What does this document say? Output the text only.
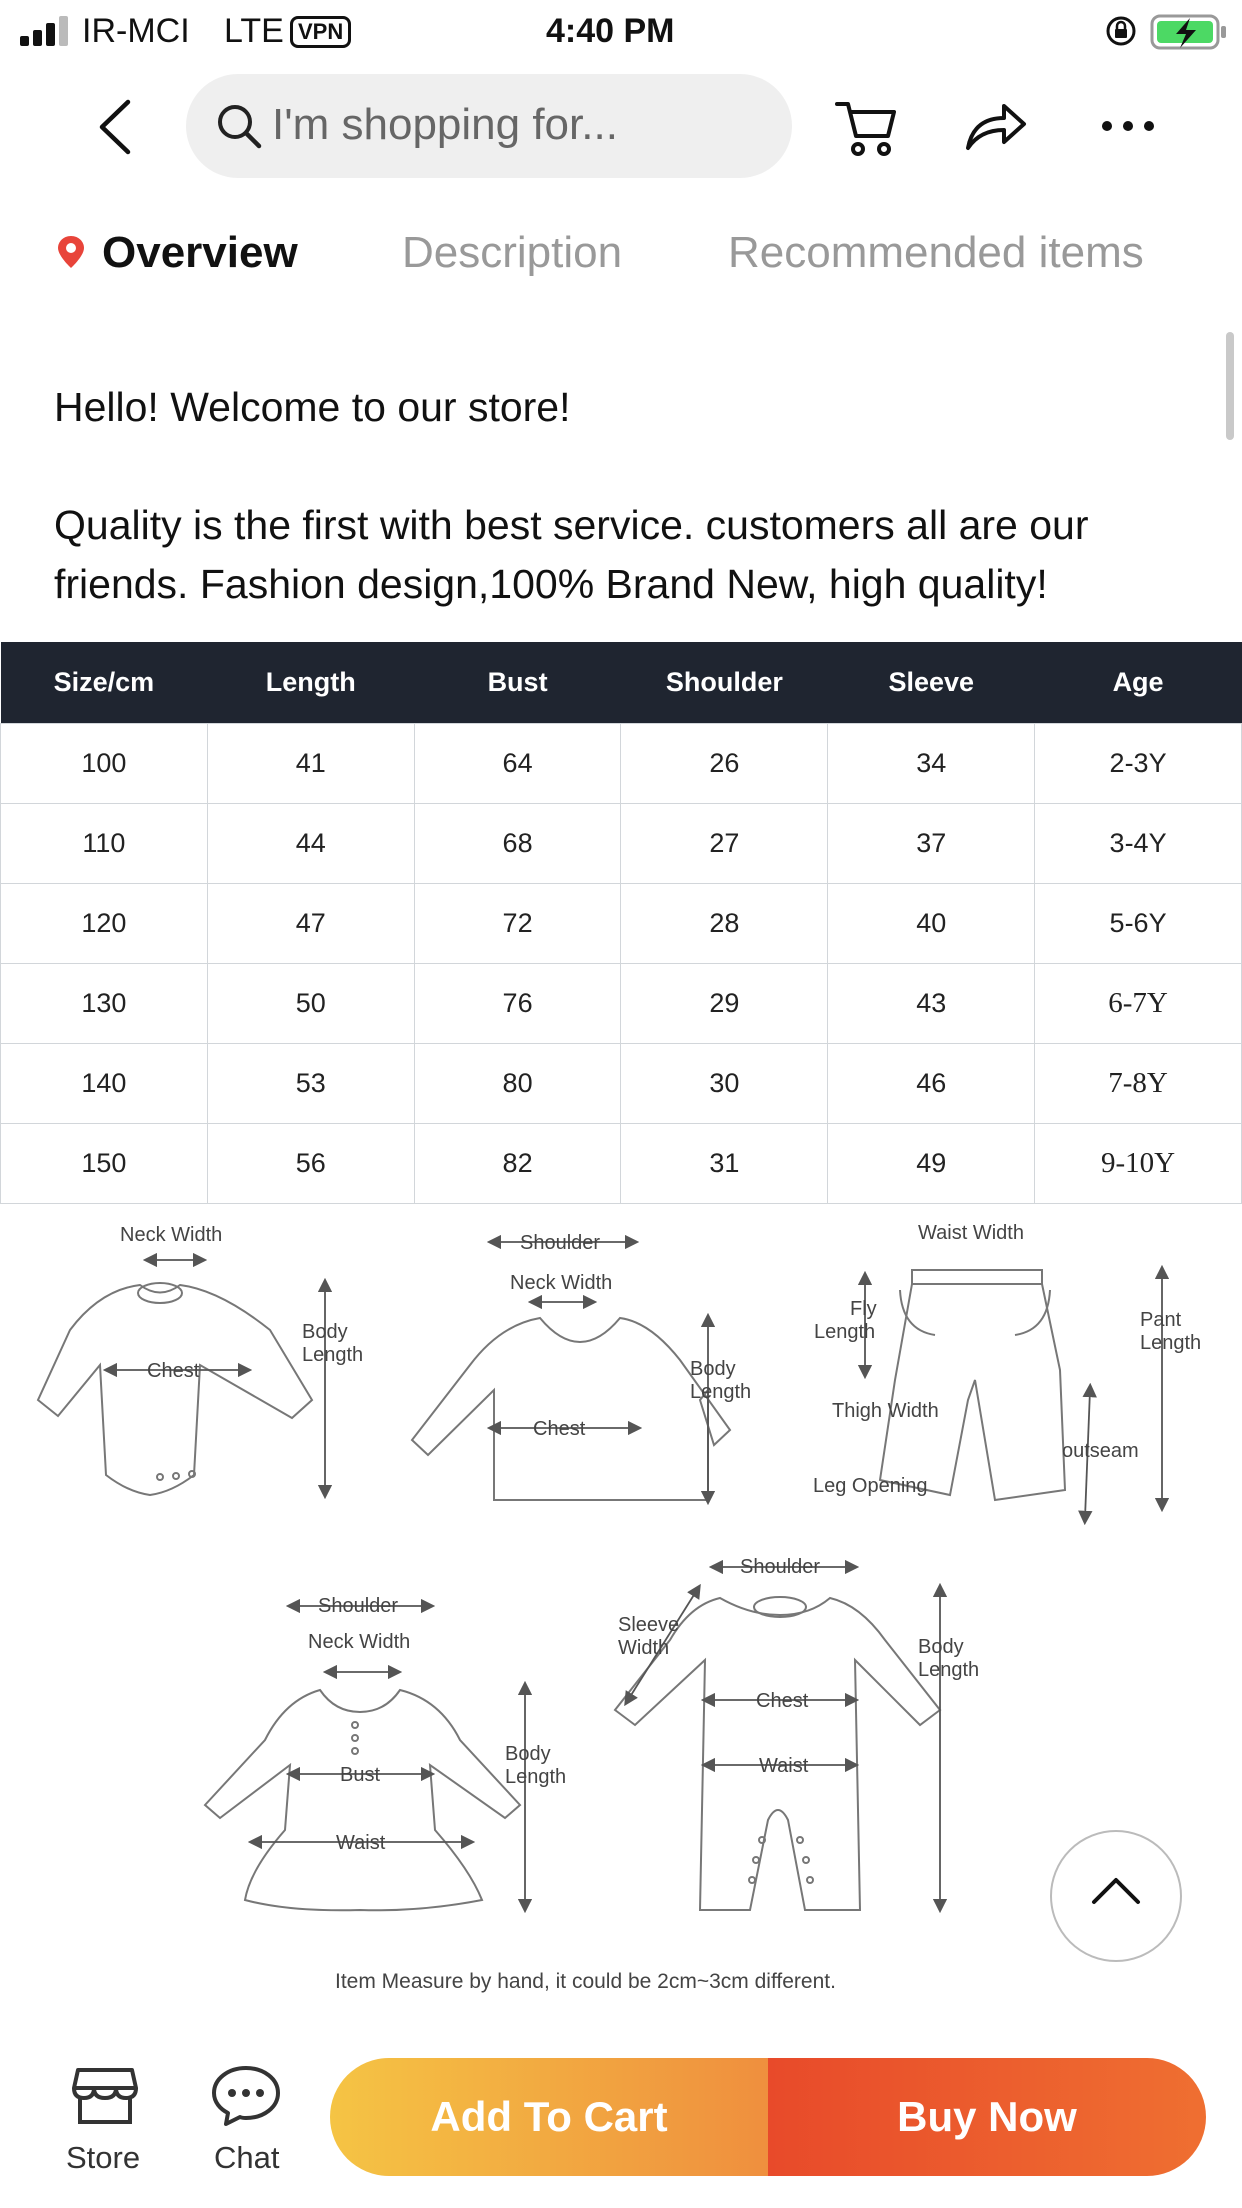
IR-MCI LTE VPN	4:40 PM
I'm shopping for...
Overview Description Recommended items
Hello! Welcome to our store!
Quality is the first with best service. customers all are our
friends. Fashion design,100% Brand New, high quality!
Size/cm	Length	Bust	Shoulder	Sleeve	Age
100	41	64	26	34	2-3Y
110	44	68	27	37	3-4Y
120	47	72	28	40	5-6Y
130	50	76	29	43	6-7Y
140	53	80	30	46	7-8Y
150	56	82	31	49	9-10Y
Neck Width
Chest
Body
Length
Shoulder
Neck Width
Chest
Body
Length
Waist Width
Fly
Length
Pant
Length
Thigh Width
outseam
Leg Opening
Shoulder
Neck Width
Bust
Waist
Body
Length
Shoulder
Sleeve
Width
Chest
Waist
Body
Length
Item Measure by hand, it could be 2cm~3cm different.
Store Chat
Add To Cart	Buy Now
